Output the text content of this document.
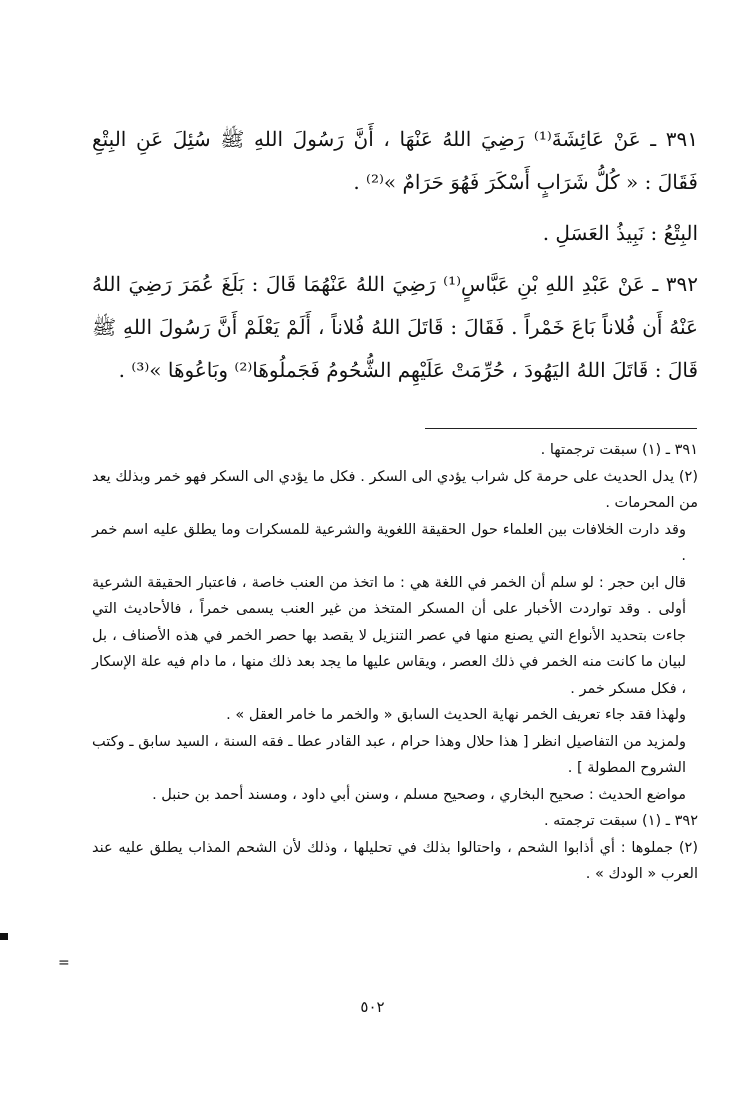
٣٩١ ـ عَنْ عَائِشَةَ⁽¹⁾ رَضِيَ اللهُ عَنْهَا ، أَنَّ رَسُولَ اللهِ ﷺ سُئِلَ عَنِ البِتْعِ فَقَالَ : « كُلُّ شَرَابٍ أَسْكَرَ فَهُوَ حَرَامٌ »⁽²⁾ .

البِتْعُ : نَبِيذُ العَسَلِ .

٣٩٢ ـ عَنْ عَبْدِ اللهِ بْنِ عَبَّاسٍ⁽¹⁾ رَضِيَ اللهُ عَنْهُمَا قَالَ : بَلَغَ عُمَرَ رَضِيَ اللهُ عَنْهُ أَن فُلاناً بَاعَ خَمْراً . فَقَالَ : قَاتَلَ اللهُ فُلاناً ، أَلَمْ يَعْلَمْ أَنَّ رَسُولَ اللهِ ﷺ قَالَ : قَاتَلَ اللهُ اليَهُودَ ، حُرِّمَتْ عَلَيْهِم الشُّحُومُ فَجَملُوهَا⁽²⁾ وبَاعُوهَا »⁽³⁾ .

٣٩١ ـ (١) سبقت ترجمتها .

(٢) يدل الحديث على حرمة كل شراب يؤدي الى السكر . فكل ما يؤدي الى السكر فهو خمر وبذلك يعد من المحرمات .

وقد دارت الخلافات بين العلماء حول الحقيقة اللغوية والشرعية للمسكرات وما يطلق عليه اسم خمر .

قال ابن حجر : لو سلم أن الخمر في اللغة هي : ما اتخذ من العنب خاصة ، فاعتبار الحقيقة الشرعية أولى . وقد تواردت الأخبار على أن المسكر المتخذ من غير العنب يسمى خمراً ، فالأحاديث التي جاءت بتحديد الأنواع التي يصنع منها في عصر التنزيل لا يقصد بها حصر الخمر في هذه الأصناف ، بل لبيان ما كانت منه الخمر في ذلك العصر ، ويقاس عليها ما يجد بعد ذلك منها ، ما دام فيه علة الإسكار ، فكل مسكر خمر .

ولهذا فقد جاء تعريف الخمر نهاية الحديث السابق « والخمر ما خامر العقل » .

ولمزيد من التفاصيل انظر [ هذا حلال وهذا حرام ، عبد القادر عطا ـ فقه السنة ، السيد سابق ـ وكتب الشروح المطولة ] .

مواضع الحديث : صحيح البخاري ، وصحيح مسلم ، وسنن أبي داود ، ومسند أحمد بن حنبل .

٣٩٢ ـ (١) سبقت ترجمته .

(٢) جملوها : أي أذابوا الشحم ، واحتالوا بذلك في تحليلها ، وذلك لأن الشحم المذاب يطلق عليه عند العرب « الودك » .

٥٠٢
=
